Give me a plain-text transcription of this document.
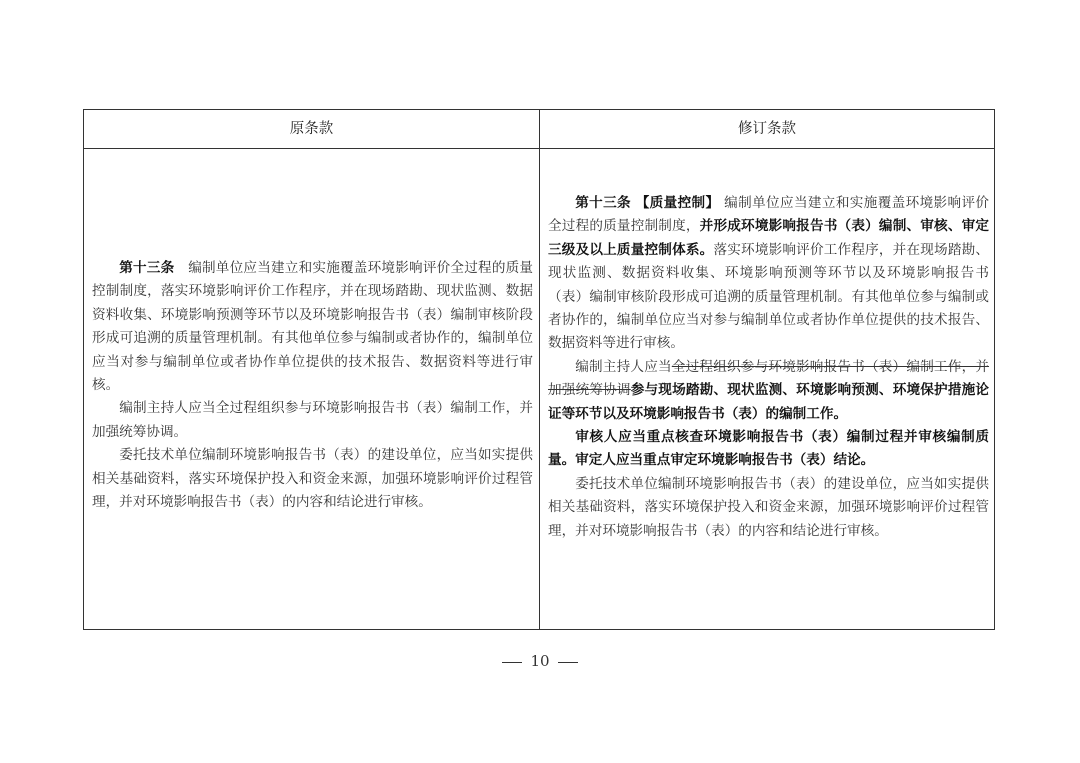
原条款	修订条款

第十三条　 编制单位应当建立和实施覆盖环境影响评价全过程的质量控制制度，落实环境影响评价工作程序，并在现场踏勘、现状监测、数据资料收集、环境影响预测等环节以及环境影响报告书（表）编制审核阶段形成可追溯的质量管理机制。有其他单位参与编制或者协作的，编制单位应当对参与编制单位或者协作单位提供的技术报告、数据资料等进行审核。

编制主持人应当全过程组织参与环境影响报告书（表）编制工作，并加强统筹协调。

委托技术单位编制环境影响报告书（表）的建设单位，应当如实提供相关基础资料，落实环境保护投入和资金来源，加强环境影响评价过程管理，并对环境影响报告书（表）的内容和结论进行审核。

第十三条 【质量控制】 编制单位应当建立和实施覆盖环境影响评价全过程的质量控制制度，并形成环境影响报告书（表）编制、审核、审定三级及以上质量控制体系。落实环境影响评价工作程序，并在现场踏勘、现状监测、数据资料收集、环境影响预测等环节以及环境影响报告书（表）编制审核阶段形成可追溯的质量管理机制。有其他单位参与编制或者协作的，编制单位应当对参与编制单位或者协作单位提供的技术报告、数据资料等进行审核。

编制主持人应当全过程组织参与环境影响报告书（表）编制工作，并加强统筹协调参与现场踏勘、现状监测、环境影响预测、环境保护措施论证等环节以及环境影响报告书（表）的编制工作。

审核人应当重点核查环境影响报告书（表）编制过程并审核编制质量。审定人应当重点审定环境影响报告书（表）结论。

委托技术单位编制环境影响报告书（表）的建设单位，应当如实提供相关基础资料，落实环境保护投入和资金来源，加强环境影响评价过程管理，并对环境影响报告书（表）的内容和结论进行审核。

10
